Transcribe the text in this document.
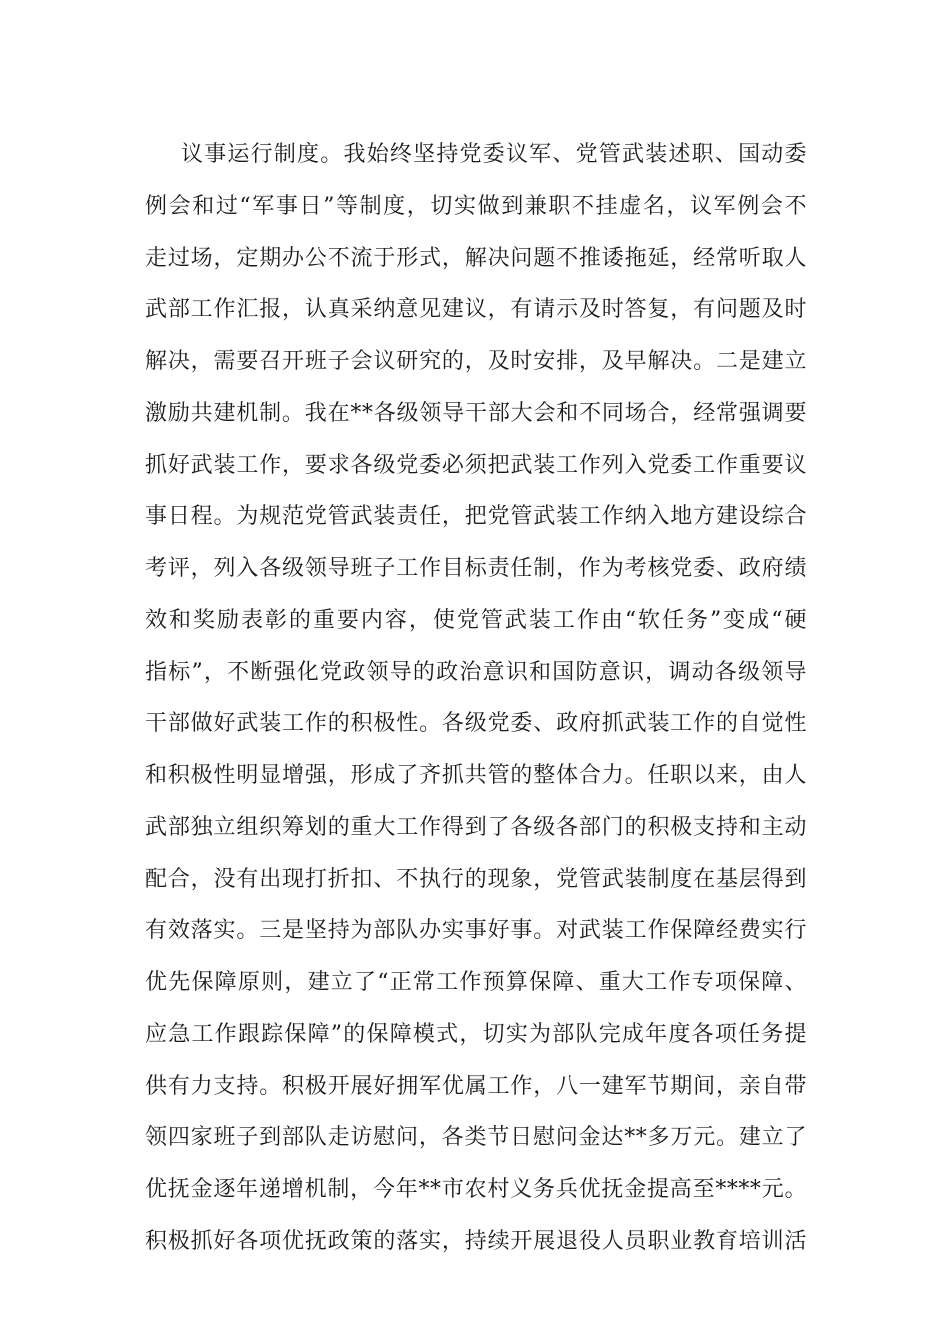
议事运行制度。我始终坚持党委议军、党管武装述职、国动委
例会和过“军事日”等制度，切实做到兼职不挂虚名，议军例会不
走过场，定期办公不流于形式，解决问题不推诿拖延，经常听取人
武部工作汇报，认真采纳意见建议，有请示及时答复，有问题及时
解决，需要召开班子会议研究的，及时安排，及早解决。二是建立
激励共建机制。我在**各级领导干部大会和不同场合，经常强调要
抓好武装工作，要求各级党委必须把武装工作列入党委工作重要议
事日程。为规范党管武装责任，把党管武装工作纳入地方建设综合
考评，列入各级领导班子工作目标责任制，作为考核党委、政府绩
效和奖励表彰的重要内容，使党管武装工作由“软任务”变成“硬
指标”，不断强化党政领导的政治意识和国防意识，调动各级领导
干部做好武装工作的积极性。各级党委、政府抓武装工作的自觉性
和积极性明显增强，形成了齐抓共管的整体合力。任职以来，由人
武部独立组织筹划的重大工作得到了各级各部门的积极支持和主动
配合，没有出现打折扣、不执行的现象，党管武装制度在基层得到
有效落实。三是坚持为部队办实事好事。对武装工作保障经费实行
优先保障原则，建立了“正常工作预算保障、重大工作专项保障、
应急工作跟踪保障”的保障模式，切实为部队完成年度各项任务提
供有力支持。积极开展好拥军优属工作，八一建军节期间，亲自带
领四家班子到部队走访慰问，各类节日慰问金达**多万元。建立了
优抚金逐年递增机制，今年**市农村义务兵优抚金提高至****元。
积极抓好各项优抚政策的落实，持续开展退役人员职业教育培训活
